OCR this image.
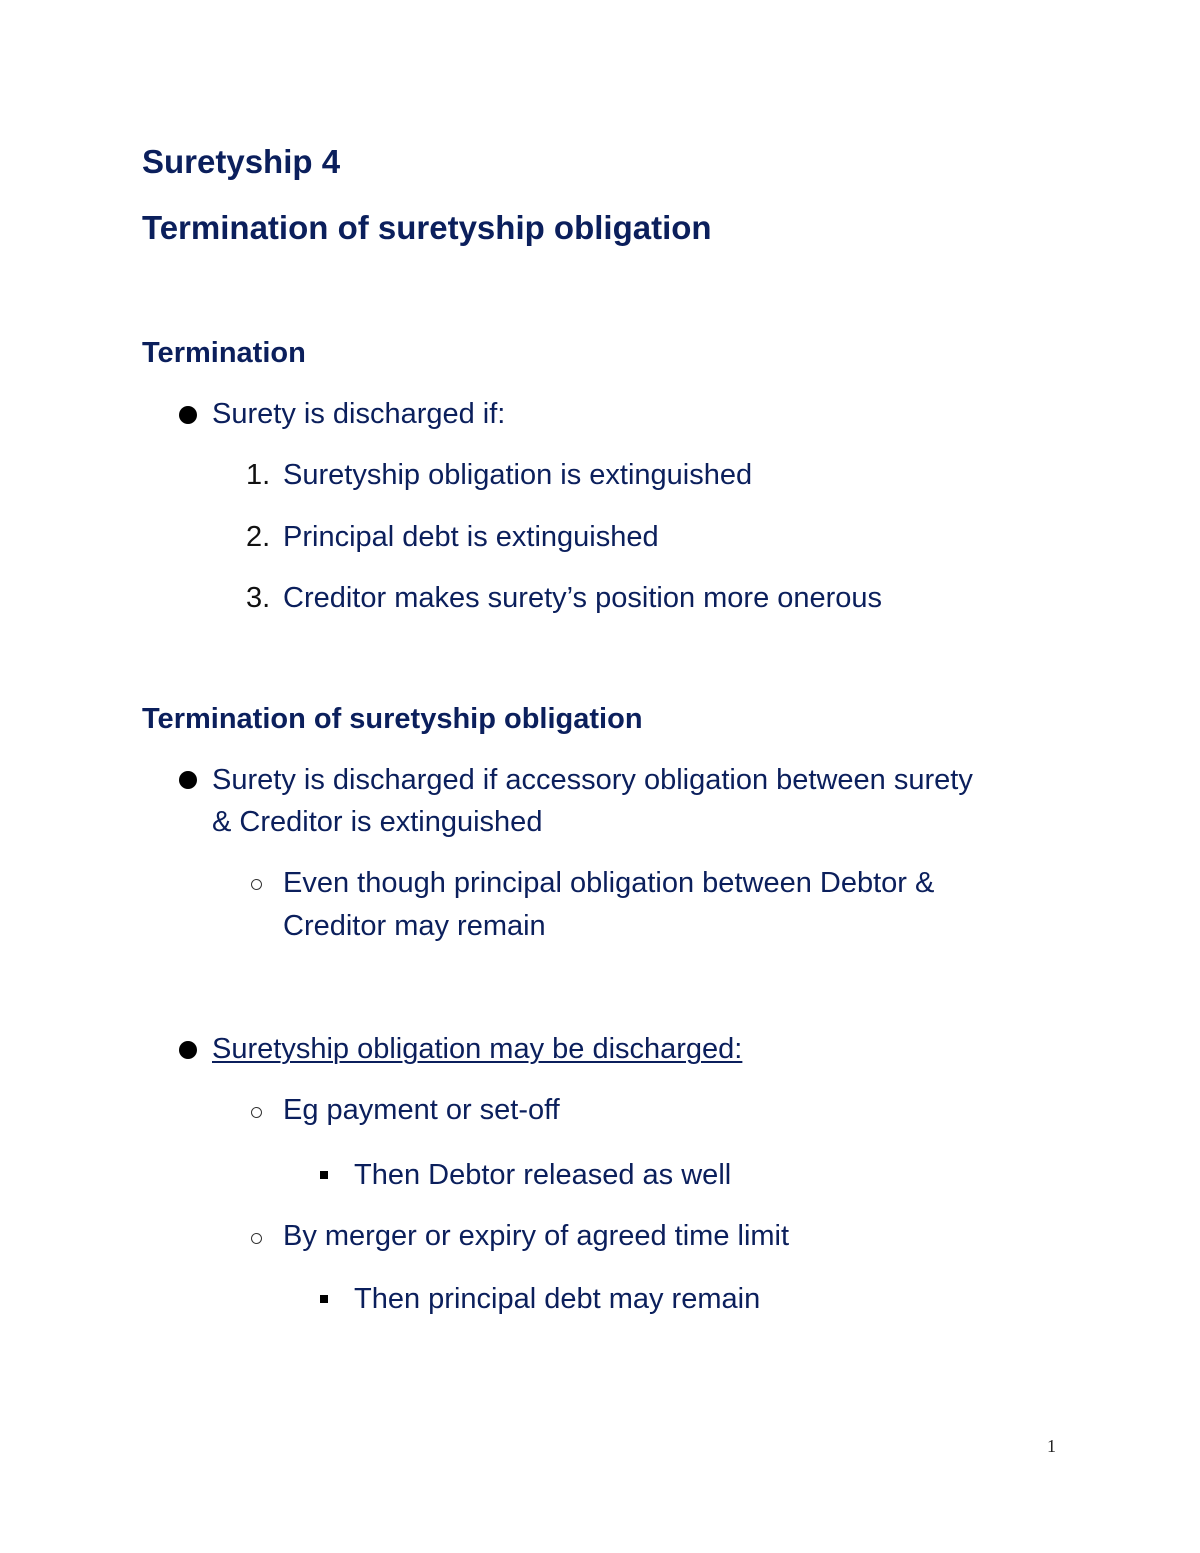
Suretyship 4
Termination of suretyship obligation
Termination
Surety is discharged if:
1. Suretyship obligation is extinguished
2. Principal debt is extinguished
3. Creditor makes surety’s position more onerous
Termination of suretyship obligation
Surety is discharged if accessory obligation between surety
& Creditor is extinguished
Even though principal obligation between Debtor &
Creditor may remain
Suretyship obligation may be discharged:
Eg payment or set-off
Then Debtor released as well
By merger or expiry of agreed time limit
Then principal debt may remain
1
